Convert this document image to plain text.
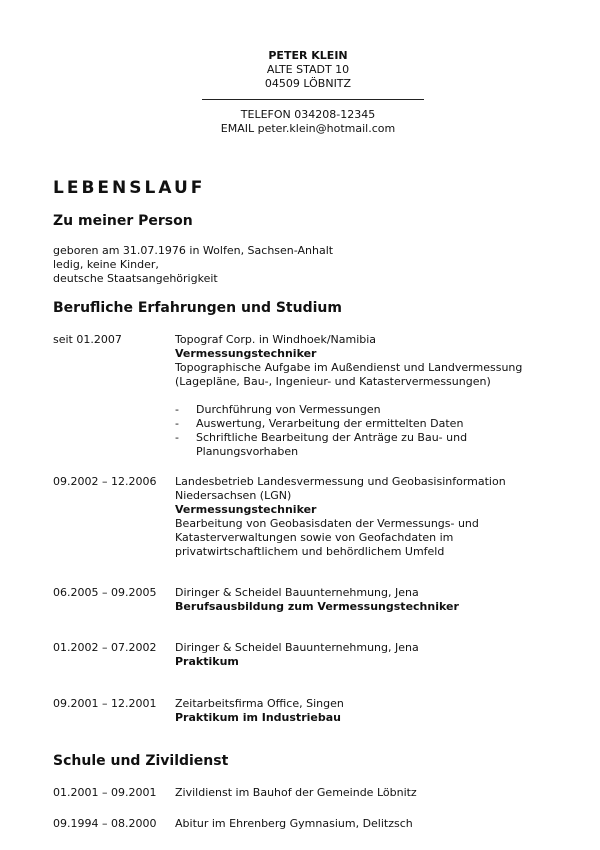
PETER KLEIN
ALTE STADT 10
04509 LÖBNITZ
TELEFON 034208-12345
EMAIL peter.klein@hotmail.com
LEBENSLAUF
Zu meiner Person
geboren am 31.07.1976 in Wolfen, Sachsen-Anhalt
ledig, keine Kinder,
deutsche Staatsangehörigkeit
Berufliche Erfahrungen und Studium
seit 01.2007	Topograf Corp. in Windhoek/Namibia
Vermessungstechniker
Topographische Aufgabe im Außendienst und Landvermessung
(Lagepläne, Bau-, Ingenieur- und Katastervermessungen)
- Durchführung von Vermessungen
- Auswertung, Verarbeitung der ermittelten Daten
- Schriftliche Bearbeitung der Anträge zu Bau- und
Planungsvorhaben
09.2002 – 12.2006 Landesbetrieb Landesvermessung und Geobasisinformation
Niedersachsen (LGN)
Vermessungstechniker
Bearbeitung von Geobasisdaten der Vermessungs- und
Katasterverwaltungen sowie von Geofachdaten im
privatwirtschaftlichem und behördlichem Umfeld
06.2005 – 09.2005 Diringer & Scheidel Bauunternehmung, Jena
Berufsausbildung zum Vermessungstechniker
01.2002 – 07.2002 Diringer & Scheidel Bauunternehmung, Jena
Praktikum
09.2001 – 12.2001 Zeitarbeitsfirma Office, Singen
Praktikum im Industriebau
Schule und Zivildienst
01.2001 – 09.2001 Zivildienst im Bauhof der Gemeinde Löbnitz
09.1994 – 08.2000 Abitur im Ehrenberg Gymnasium, Delitzsch
